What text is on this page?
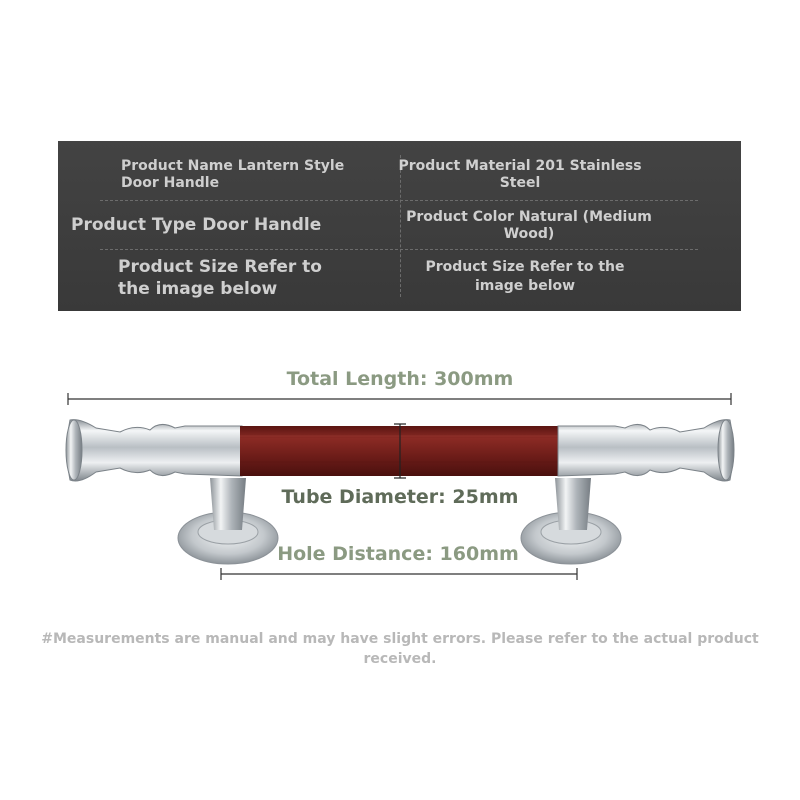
Product Name Lantern Style Door Handle
Product Material 201 Stainless Steel
Product Type Door Handle	Product Color Natural (Medium Wood)
Product Size Refer to the image below
Product Size Refer to the image below
Total Length: 300mm
Tube Diameter: 25mm
Hole Distance: 160mm
#Measurements are manual and may have slight errors. Please refer to the actual product received.
